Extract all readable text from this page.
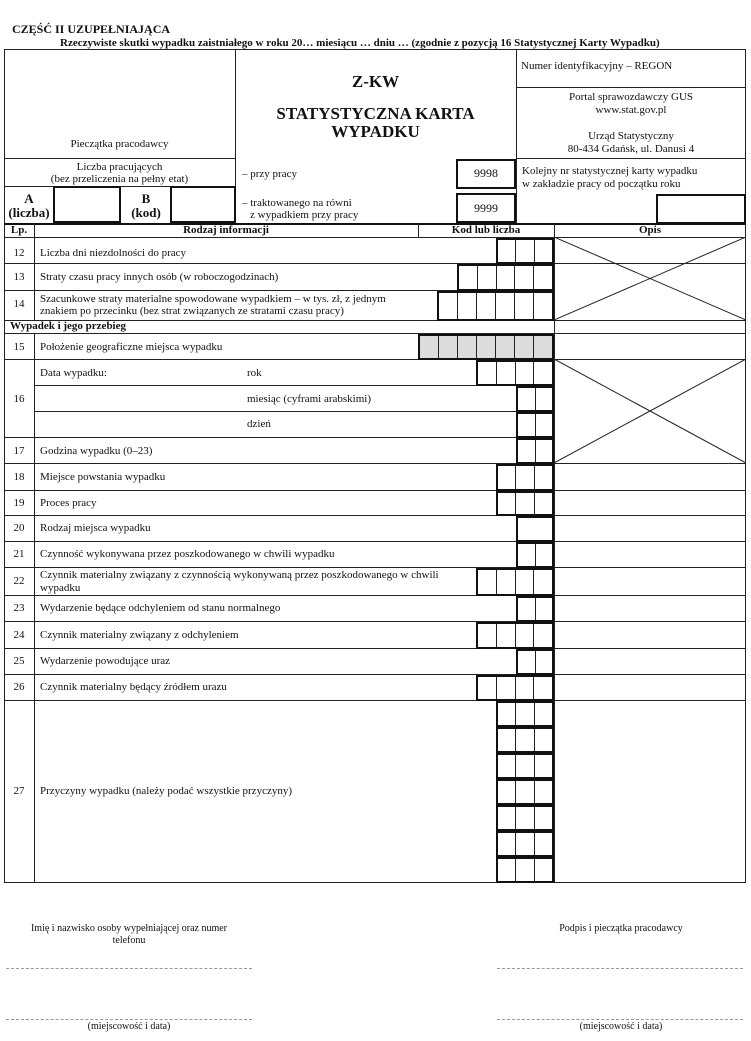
CZĘŚĆ II UZUPEŁNIAJĄCA
Rzeczywiste skutki wypadku zaistniałego w roku 20… miesiącu … dniu … (zgodnie z pozycją 16 Statystycznej Karty Wypadku)
Pieczątka pracodawcy
Liczba pracujących
(bez przeliczenia na pełny etat)
A
(liczba)
B
(kod)
Z-KW
STATYSTYCZNA KARTA
WYPADKU
– przy pracy	9998
– traktowanego na równi
z wypadkiem przy pracy	9999
Numer identyfikacyjny – REGON
Portal sprawozdawczy GUS
www.stat.gov.pl
Urząd Statystyczny
80-434 Gdańsk, ul. Danusi 4
Kolejny nr statystycznej karty wypadku
w zakładzie pracy od początku roku
Lp.	Rodzaj informacji	Kod lub liczba	Opis
12	Liczba dni niezdolności do pracy
13	Straty czasu pracy innych osób (w roboczogodzinach)
14	Szacunkowe straty materialne spowodowane wypadkiem – w tys. zł, z jednym
znakiem po przecinku (bez strat związanych ze stratami czasu pracy)
Wypadek i jego przebieg
15	Położenie geograficzne miejsca wypadku
16
Data wypadku:	rok
miesiąc (cyframi arabskimi)
dzień
17	Godzina wypadku (0–23)
18	Miejsce powstania wypadku
19	Proces pracy
20	Rodzaj miejsca wypadku
21	Czynność wykonywana przez poszkodowanego w chwili wypadku
22	Czynnik materialny związany z czynnością wykonywaną przez poszkodowanego w chwili
wypadku
23	Wydarzenie będące odchyleniem od stanu normalnego
24	Czynnik materialny związany z odchyleniem
25	Wydarzenie powodujące uraz
26	Czynnik materialny będący źródłem urazu
27	Przyczyny wypadku (należy podać wszystkie przyczyny)
Imię i nazwisko osoby wypełniającej oraz numer
telefonu
Podpis i pieczątka pracodawcy
(miejscowość i data)	(miejscowość i data)
